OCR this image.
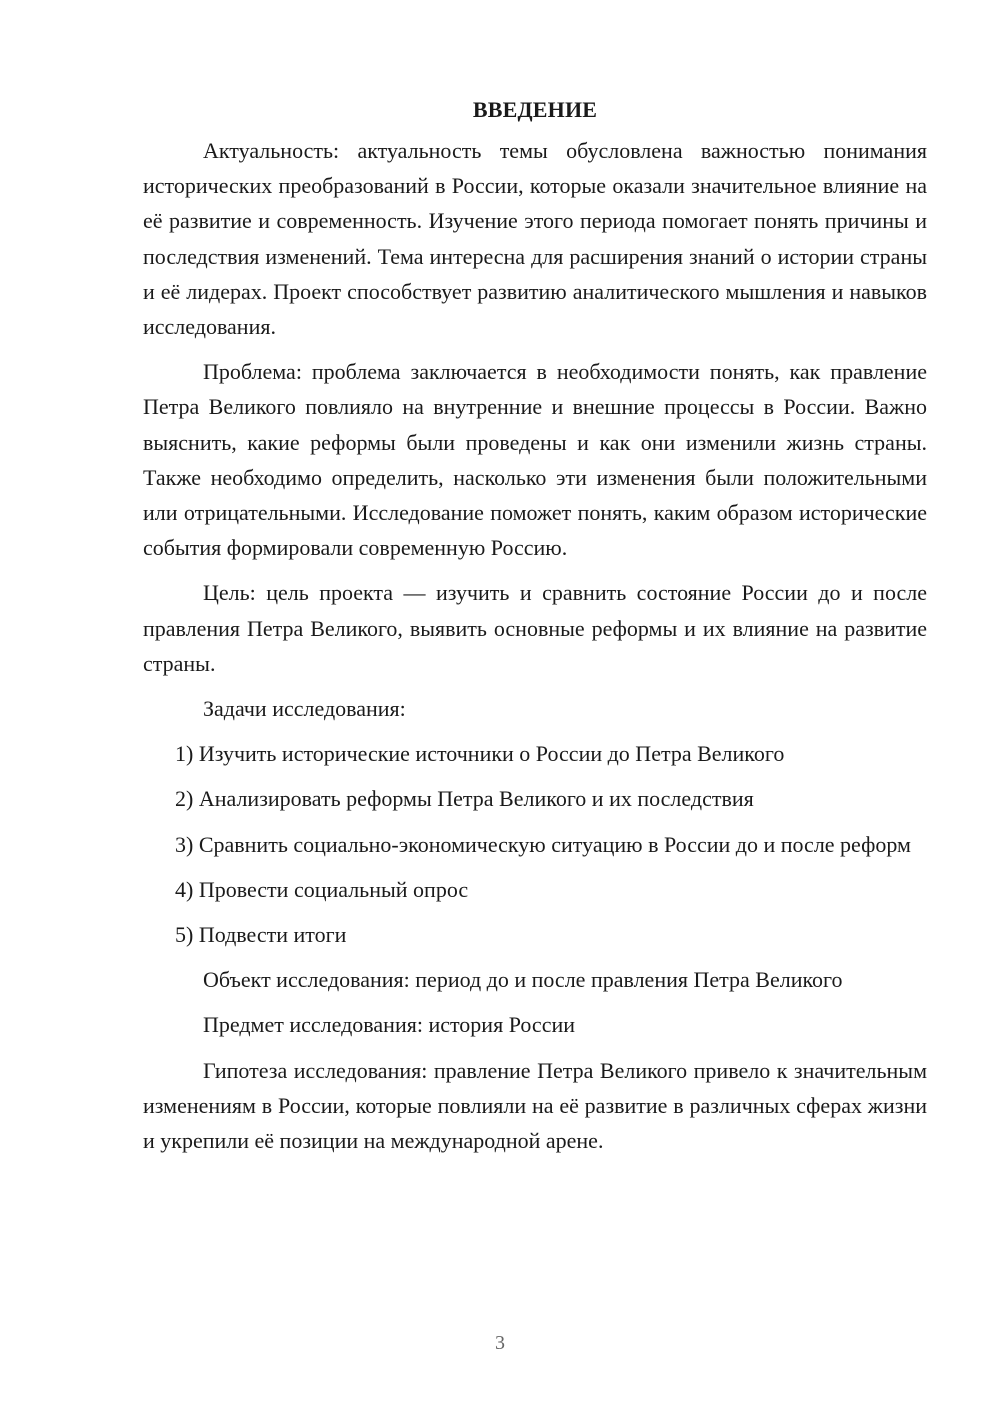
ВВЕДЕНИЕ

Актуальность: актуальность темы обусловлена важностью понимания исторических преобразований в России, которые оказали значительное влияние на её развитие и современность. Изучение этого периода помогает понять причины и последствия изменений. Тема интересна для расширения знаний о истории страны и её лидерах. Проект способствует развитию аналитического мышления и навыков исследования.

Проблема: проблема заключается в необходимости понять, как правление Петра Великого повлияло на внутренние и внешние процессы в России. Важно выяснить, какие реформы были проведены и как они изменили жизнь страны. Также необходимо определить, насколько эти изменения были положительными или отрицательными. Исследование поможет понять, каким образом исторические события формировали современную Россию.

Цель: цель проекта — изучить и сравнить состояние России до и после правления Петра Великого, выявить основные реформы и их влияние на развитие страны.

Задачи исследования:

1) Изучить исторические источники о России до Петра Великого

2) Анализировать реформы Петра Великого и их последствия

3) Сравнить социально-экономическую ситуацию в России до и после реформ

4) Провести социальный опрос

5) Подвести итоги

Объект исследования: период до и после правления Петра Великого

Предмет исследования: история России

Гипотеза исследования: правление Петра Великого привело к значительным изменениям в России, которые повлияли на её развитие в различных сферах жизни и укрепили её позиции на международной арене.

3
